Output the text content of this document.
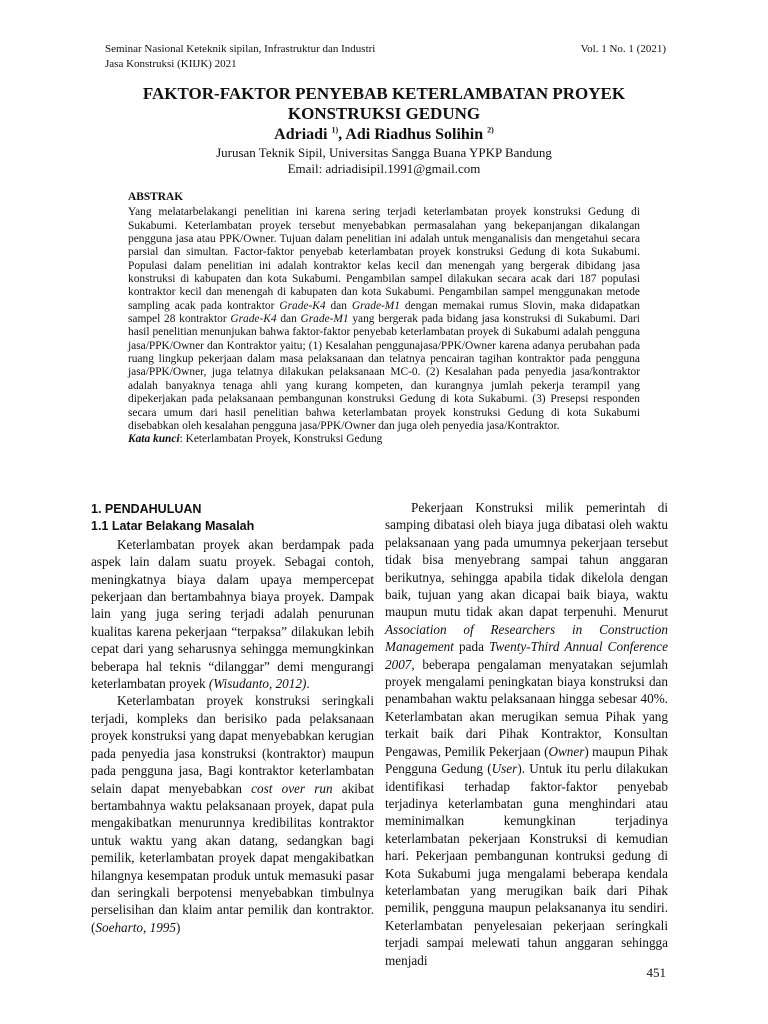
Seminar Nasional Keteknik sipilan, Infrastruktur dan Industri
Jasa Konstruksi (KIIJK) 2021
Vol. 1 No. 1 (2021)
FAKTOR-FAKTOR PENYEBAB KETERLAMBATAN PROYEK KONSTRUKSI GEDUNG
Adriadi $^{1)}$, Adi Riadhus Solihin $^{2)}$
Jurusan Teknik Sipil, Universitas Sangga Buana YPKP Bandung
Email: adriadisipil.1991@gmail.com
ABSTRAK
Yang melatarbelakangi penelitian ini karena sering terjadi keterlambatan proyek konstruksi Gedung di Sukabumi. Keterlambatan proyek tersebut menyebabkan permasalahan yang bekepanjangan dikalangan pengguna jasa atau PPK/Owner. Tujuan dalam penelitian ini adalah untuk menganalisis dan mengetahui secara parsial dan simultan. Factor-faktor penyebab keterlambatan proyek konstruksi Gedung di kota Sukabumi. Populasi dalam penelitian ini adalah kontraktor kelas kecil dan menengah yang bergerak dibidang jasa konstruksi di kabupaten dan kota Sukabumi. Pengambilan sampel dilakukan secara acak dari 187 populasi kontraktor kecil dan menengah di kabupaten dan kota Sukabumi. Pengambilan sampel menggunakan metode sampling acak pada kontraktor Grade-K4 dan Grade-M1 dengan memakai rumus Slovin, maka didapatkan sampel 28 kontraktor Grade-K4 dan Grade-M1 yang bergerak pada bidang jasa konstruksi di Sukabumi. Dari hasil penelitian menunjukan bahwa faktor-faktor penyebab keterlambatan proyek di Sukabumi adalah pengguna jasa/PPK/Owner dan Kontraktor yaitu; (1) Kesalahan penggunajasa/PPK/Owner karena adanya perubahan pada ruang lingkup pekerjaan dalam masa pelaksanaan dan telatnya pencairan tagihan kontraktor pada pengguna jasa/PPK/Owner, juga telatnya dilakukan pelaksanaan MC-0. (2) Kesalahan pada penyedia jasa/kontraktor adalah banyaknya tenaga ahli yang kurang kompeten, dan kurangnya jumlah pekerja terampil yang dipekerjakan pada pelaksanaan pembangunan konstruksi Gedung di kota Sukabumi. (3) Presepsi responden secara umum dari hasil penelitian bahwa keterlambatan proyek konstruksi Gedung di kota Sukabumi disebabkan oleh kesalahan pengguna jasa/PPK/Owner dan juga oleh penyedia jasa/Kontraktor.
Kata kunci: Keterlambatan Proyek, Konstruksi Gedung
1. PENDAHULUAN
1.1 Latar Belakang Masalah

Keterlambatan proyek akan berdampak pada aspek lain dalam suatu proyek. Sebagai contoh, meningkatnya biaya dalam upaya mempercepat pekerjaan dan bertambahnya biaya proyek. Dampak lain yang juga sering terjadi adalah penurunan kualitas karena pekerjaan “terpaksa” dilakukan lebih cepat dari yang seharusnya sehingga memungkinkan beberapa hal teknis “dilanggar” demi mengurangi keterlambatan proyek (Wisudanto, 2012).

Keterlambatan proyek konstruksi seringkali terjadi, kompleks dan berisiko pada pelaksanaan proyek konstruksi yang dapat menyebabkan kerugian pada penyedia jasa konstruksi (kontraktor) maupun pada pengguna jasa, Bagi kontraktor keterlambatan selain dapat menyebabkan cost over run akibat bertambahnya waktu pelaksanaan proyek, dapat pula mengakibatkan menurunnya kredibilitas kontraktor untuk waktu yang akan datang, sedangkan bagi pemilik, keterlambatan proyek dapat mengakibatkan hilangnya kesempatan produk untuk memasuki pasar dan seringkali berpotensi menyebabkan timbulnya perselisihan dan klaim antar pemilik dan kontraktor. (Soeharto, 1995)

Pekerjaan Konstruksi milik pemerintah di samping dibatasi oleh biaya juga dibatasi oleh waktu pelaksanaan yang pada umumnya pekerjaan tersebut tidak bisa menyebrang sampai tahun anggaran berikutnya, sehingga apabila tidak dikelola dengan baik, tujuan yang akan dicapai baik biaya, waktu maupun mutu tidak akan dapat terpenuhi. Menurut Association of Researchers in Construction Management pada Twenty-Third Annual Conference 2007, beberapa pengalaman menyatakan sejumlah proyek mengalami peningkatan biaya konstruksi dan penambahan waktu pelaksanaan hingga sebesar 40%. Keterlambatan akan merugikan semua Pihak yang terkait baik dari Pihak Kontraktor, Konsultan Pengawas, Pemilik Pekerjaan (Owner) maupun Pihak Pengguna Gedung (User). Untuk itu perlu dilakukan identifikasi terhadap faktor-faktor penyebab terjadinya keterlambatan guna menghindari atau meminimalkan kemungkinan terjadinya keterlambatan pekerjaan Konstruksi di kemudian hari. Pekerjaan pembangunan kontruksi gedung di Kota Sukabumi juga mengalami beberapa kendala keterlambatan yang merugikan baik dari Pihak pemilik, pengguna maupun pelaksananya itu sendiri. Keterlambatan penyelesaian pekerjaan seringkali terjadi sampai melewati tahun anggaran sehingga menjadi

451
